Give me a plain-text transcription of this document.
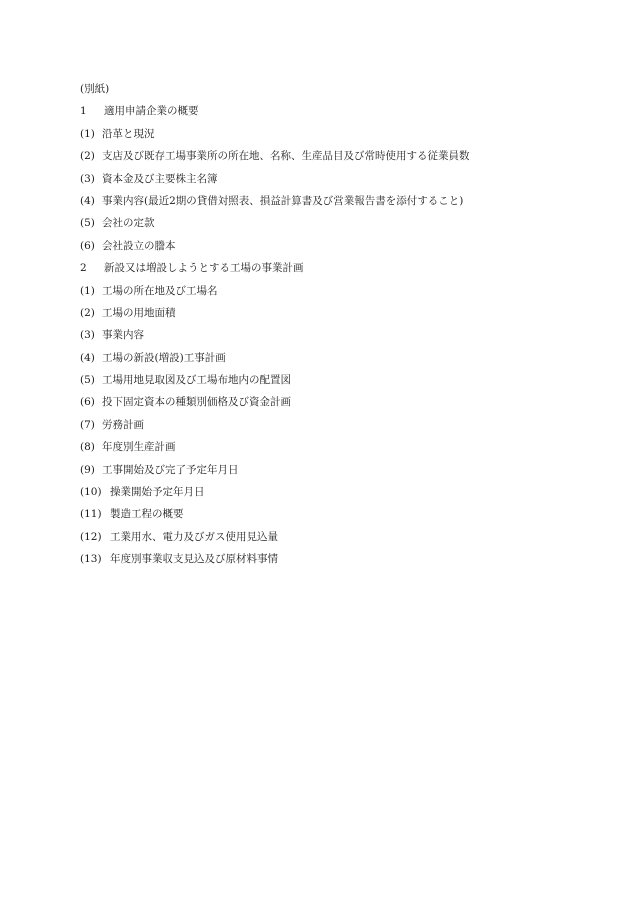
(別紙)
1	適用申請企業の概要
(1) 沿革と現況
(2) 支店及び既存工場事業所の所在地、名称、生産品目及び常時使用する従業員数
(3) 資本金及び主要株主名簿
(4) 事業内容(最近2期の貸借対照表、損益計算書及び営業報告書を添付すること)
(5) 会社の定款
(6) 会社設立の謄本
2	新設又は増設しようとする工場の事業計画
(1) 工場の所在地及び工場名
(2) 工場の用地面積
(3) 事業内容
(4) 工場の新設(増設)工事計画
(5) 工場用地見取図及び工場布地内の配置図
(6) 投下固定資本の種類別価格及び資金計画
(7) 労務計画
(8) 年度別生産計画
(9) 工事開始及び完了予定年月日
(10) 操業開始予定年月日
(11) 製造工程の概要
(12) 工業用水、電力及びガス使用見込量
(13) 年度別事業収支見込及び原材料事情
